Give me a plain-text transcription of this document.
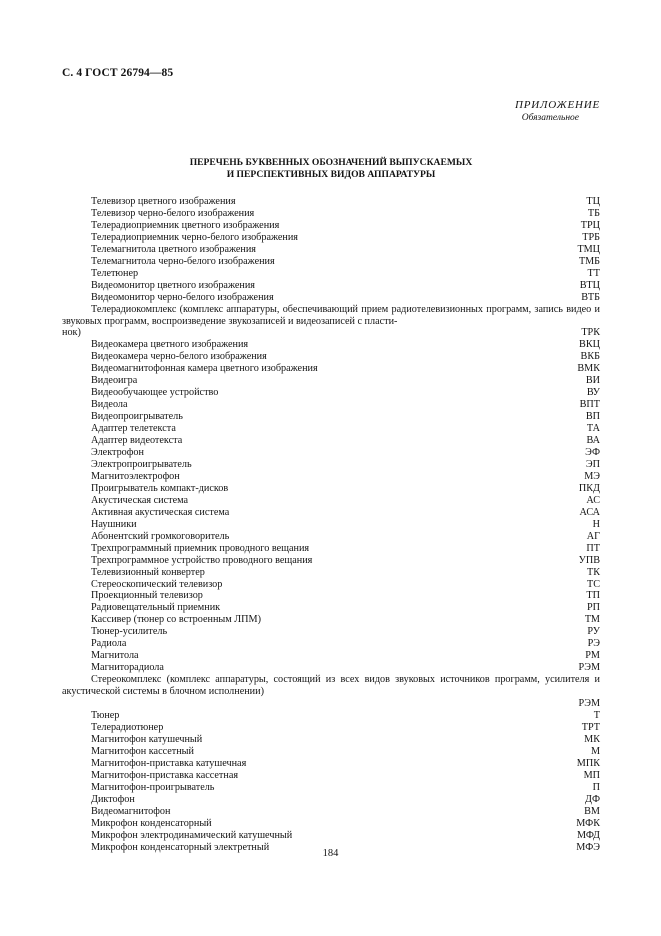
С. 4 ГОСТ 26794—85
ПРИЛОЖЕНИЕ
Обязательное
ПЕРЕЧЕНЬ БУКВЕННЫХ ОБОЗНАЧЕНИЙ ВЫПУСКАЕМЫХ
И ПЕРСПЕКТИВНЫХ ВИДОВ АППАРАТУРЫ
Телевизор цветного изображения	ТЦ
Телевизор черно-белого изображения	ТБ
Телерадиоприемник цветного изображения	ТРЦ
Телерадиоприемник черно-белого изображения	ТРБ
Телемагнитола цветного изображения	ТМЦ
Телемагнитола черно-белого изображения	ТМБ
Телетюнер	ТТ
Видеомонитор цветного изображения	ВТЦ
Видеомонитор черно-белого изображения	ВТБ
Телерадиокомплекс (комплекс аппаратуры, обеспечивающий прием радиотелевизионных программ, запись видео и звуковых программ, воспроизведение звукозаписей и видеозаписей с пласти-
нок)	ТРК
Видеокамера цветного изображения	ВКЦ
Видеокамера черно-белого изображения	ВКБ
Видеомагнитофонная камера цветного изображения	ВМК
Видеоигра	ВИ
Видеообучающее устройство	ВУ
Видеола	ВПТ
Видеопроигрыватель	ВП
Адаптер телетекста	ТА
Адаптер видеотекста	ВА
Электрофон	ЭФ
Электропроигрыватель	ЭП
Магнитоэлектрофон	МЭ
Проигрыватель компакт-дисков	ПКД
Акустическая система	АС
Активная акустическая система	АСА
Наушники	Н
Абонентский громкоговоритель	АГ
Трехпрограммный приемник проводного вещания	ПТ
Трехпрограммное устройство проводного вещания	УПВ
Телевизионный конвертер	ТК
Стереоскопический телевизор	ТС
Проекционный телевизор	ТП
Радиовещательный приемник	РП
Кассивер (тюнер со встроенным ЛПМ)	ТМ
Тюнер-усилитель	РУ
Радиола	РЭ
Магнитола	РМ
Магниторадиола	РЭМ
Стереокомплекс (комплекс аппаратуры, состоящий из всех видов звуковых источников программ, усилителя и акустической системы в блочном исполнении)
РЭМ
Тюнер	Т
Телерадиотюнер	ТРТ
Магнитофон катушечный	МК
Магнитофон кассетный	М
Магнитофон-приставка катушечная	МПК
Магнитофон-приставка кассетная	МП
Магнитофон-проигрыватель	П
Диктофон	ДФ
Видеомагнитофон	ВМ
Микрофон конденсаторный	МФК
Микрофон электродинамический катушечный	МФД
Микрофон конденсаторный электретный	МФЭ
184
